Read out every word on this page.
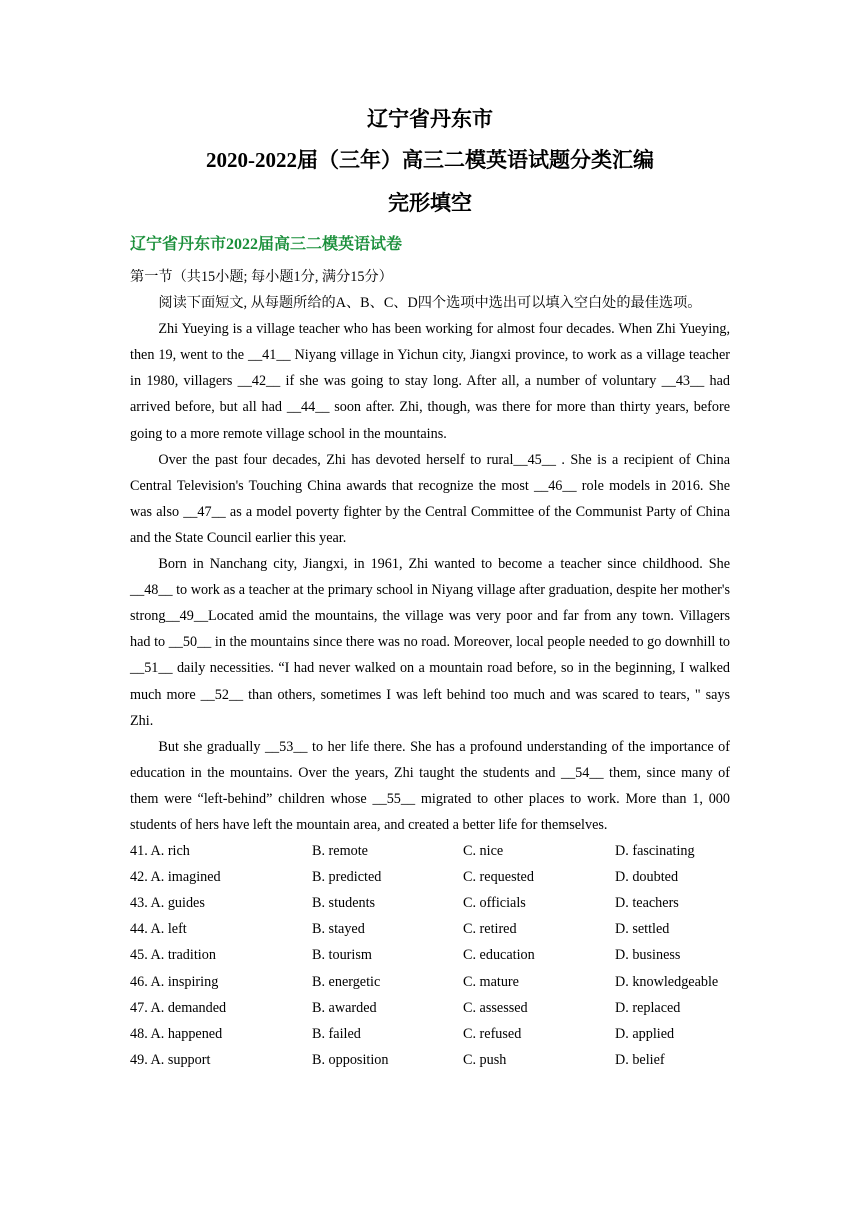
辽宁省丹东市
2020-2022届（三年）高三二模英语试题分类汇编
完形填空
辽宁省丹东市2022届高三二模英语试卷

第一节（共15小题; 每小题1分, 满分15分）

阅读下面短文, 从每题所给的A、B、C、D四个选项中选出可以填入空白处的最佳选项。

Zhi Yueying is a village teacher who has been working for almost four decades. When Zhi Yueying, then 19, went to the __41__ Niyang village in Yichun city, Jiangxi province, to work as a village teacher in 1980, villagers __42__ if she was going to stay long. After all, a number of voluntary __43__ had arrived before, but all had __44__ soon after. Zhi, though, was there for more than thirty years, before going to a more remote village school in the mountains.

Over the past four decades, Zhi has devoted herself to rural__45__ . She is a recipient of China Central Television's Touching China awards that recognize the most __46__ role models in 2016. She was also __47__ as a model poverty fighter by the Central Committee of the Communist Party of China and the State Council earlier this year.

Born in Nanchang city, Jiangxi, in 1961, Zhi wanted to become a teacher since childhood. She __48__ to work as a teacher at the primary school in Niyang village after graduation, despite her mother's strong__49__Located amid the mountains, the village was very poor and far from any town. Villagers had to __50__ in the mountains since there was no road. Moreover, local people needed to go downhill to __51__ daily necessities. “I had never walked on a mountain road before, so in the beginning, I walked much more __52__ than others, sometimes I was left behind too much and was scared to tears, " says Zhi.

But she gradually __53__ to her life there. She has a profound understanding of the importance of education in the mountains. Over the years, Zhi taught the students and __54__ them, since many of them were “left-behind” children whose __55__ migrated to other places to work. More than 1, 000 students of hers have left the mountain area, and created a better life for themselves.

41. A. rich	B. remote	C. nice	D. fascinating
42. A. imagined	B. predicted	C. requested	D. doubted
43. A. guides	B. students	C. officials	D. teachers
44. A. left	B. stayed	C. retired	D. settled
45. A. tradition	B. tourism	C. education	D. business
46. A. inspiring	B. energetic	C. mature	D. knowledgeable
47. A. demanded	B. awarded	C. assessed	D. replaced
48. A. happened	B. failed	C. refused	D. applied
49. A. support	B. opposition	C. push	D. belief
